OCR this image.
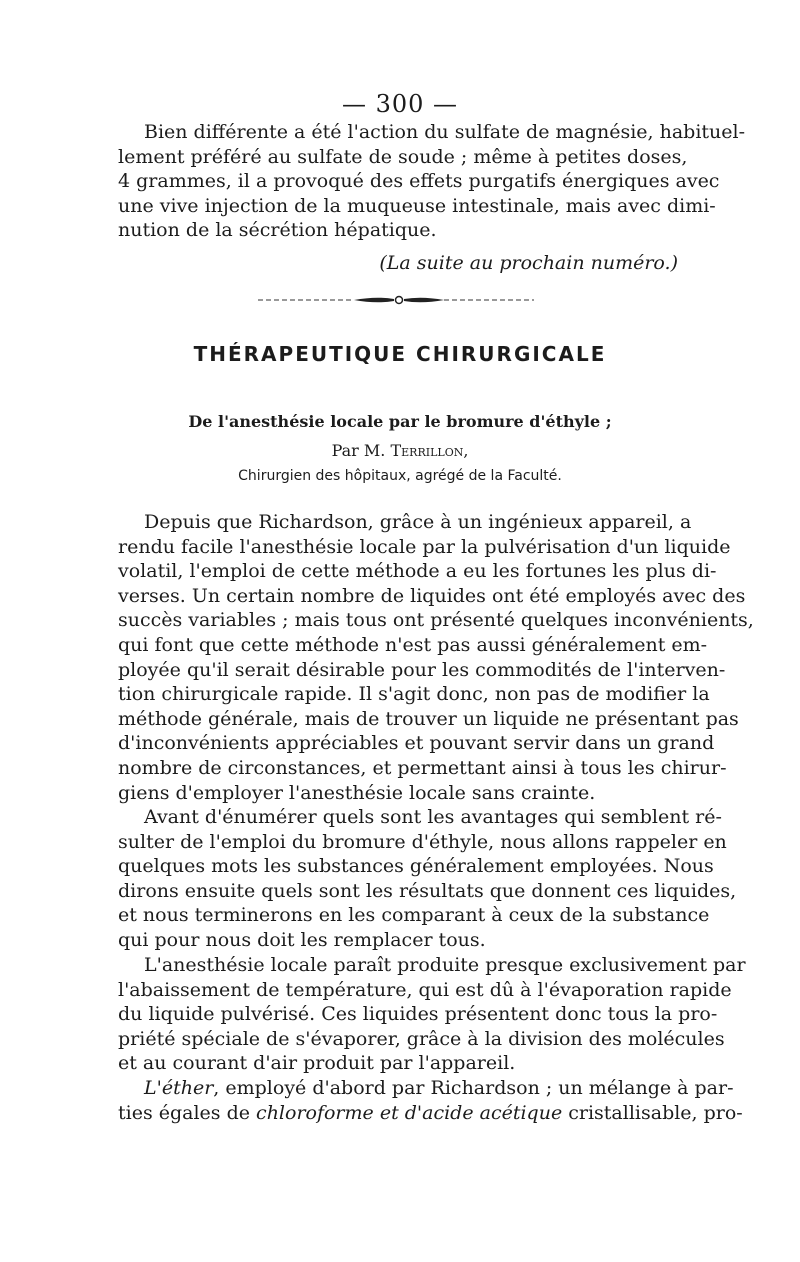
— 300 —
Bien différente a été l'action du sulfate de magnésie, habituel-
lement préféré au sulfate de soude ; même à petites doses,
4 grammes, il a provoqué des effets purgatifs énergiques avec
une vive injection de la muqueuse intestinale, mais avec dimi-
nution de la sécrétion hépatique.
(La suite au prochain numéro.)
THÉRAPEUTIQUE CHIRURGICALE
De l'anesthésie locale par le bromure d'éthyle ;
Par M. Terrillon,
Chirurgien des hôpitaux, agrégé de la Faculté.
Depuis que Richardson, grâce à un ingénieux appareil, a
rendu facile l'anesthésie locale par la pulvérisation d'un liquide
volatil, l'emploi de cette méthode a eu les fortunes les plus di-
verses. Un certain nombre de liquides ont été employés avec des
succès variables ; mais tous ont présenté quelques inconvénients,
qui font que cette méthode n'est pas aussi généralement em-
ployée qu'il serait désirable pour les commodités de l'interven-
tion chirurgicale rapide. Il s'agit donc, non pas de modifier la
méthode générale, mais de trouver un liquide ne présentant pas
d'inconvénients appréciables et pouvant servir dans un grand
nombre de circonstances, et permettant ainsi à tous les chirur-
giens d'employer l'anesthésie locale sans crainte.
Avant d'énumérer quels sont les avantages qui semblent ré-
sulter de l'emploi du bromure d'éthyle, nous allons rappeler en
quelques mots les substances généralement employées. Nous
dirons ensuite quels sont les résultats que donnent ces liquides,
et nous terminerons en les comparant à ceux de la substance
qui pour nous doit les remplacer tous.
L'anesthésie locale paraît produite presque exclusivement par
l'abaissement de température, qui est dû à l'évaporation rapide
du liquide pulvérisé. Ces liquides présentent donc tous la pro-
priété spéciale de s'évaporer, grâce à la division des molécules
et au courant d'air produit par l'appareil.
L'éther, employé d'abord par Richardson ; un mélange à par-
ties égales de chloroforme et d'acide acétique cristallisable, pro-
